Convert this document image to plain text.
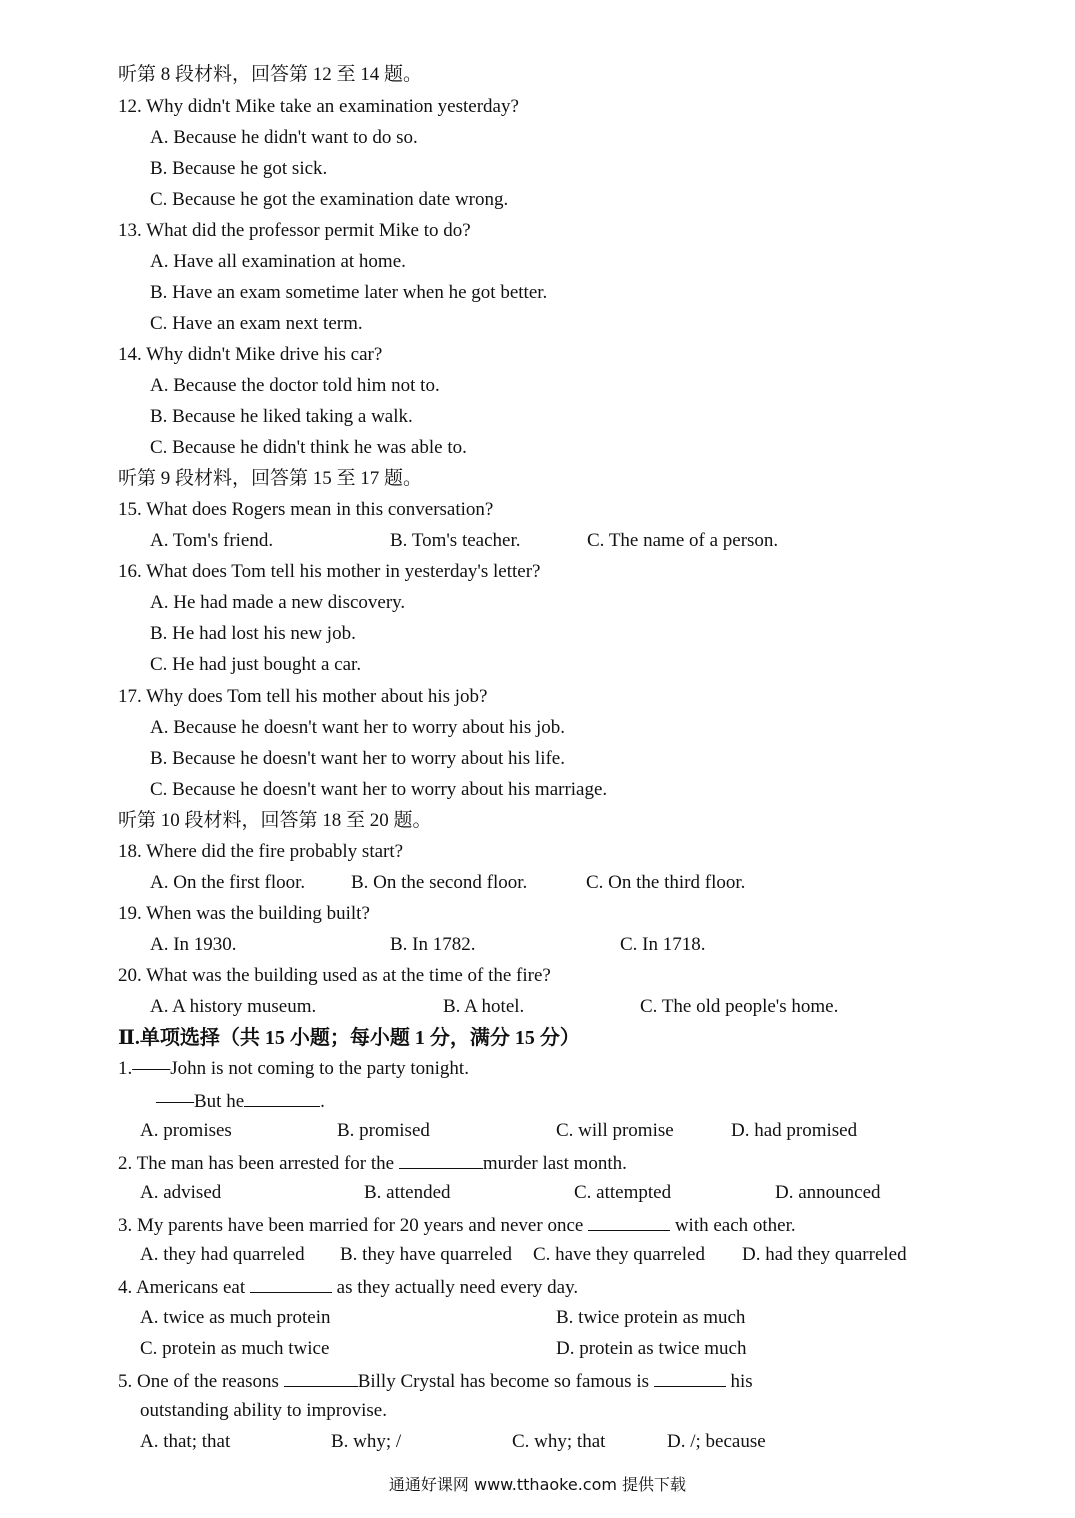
听第 8 段材料，回答第 12 至 14 题。
12. Why didn't Mike take an examination yesterday?
A. Because he didn't want to do so.
B. Because he got sick.
C. Because he got the examination date wrong.
13. What did the professor permit Mike to do?
A. Have all examination at home.
B. Have an exam sometime later when he got better.
C. Have an exam next term.
14. Why didn't Mike drive his car?
A. Because the doctor told him not to.
B. Because he liked taking a walk.
C. Because he didn't think he was able to.
听第 9 段材料，回答第 15 至 17 题。
15. What does Rogers mean in this conversation?
A. Tom's friend.	B. Tom's teacher.	C. The name of a person.
16. What does Tom tell his mother in yesterday's letter?
A. He had made a new discovery.
B. He had lost his new job.
C. He had just bought a car.
17. Why does Tom tell his mother about his job?
A. Because he doesn't want her to worry about his job.
B. Because he doesn't want her to worry about his life.
C. Because he doesn't want her to worry about his marriage.
听第 10 段材料，回答第 18 至 20 题。
18. Where did the fire probably start?
A. On the first floor. B. On the second floor.	C. On the third floor.
19. When was the building built?
A. In 1930.	B. In 1782.	C. In 1718.
20. What was the building used as at the time of the fire?
A. A history museum.	B. A hotel.	C. The old people's home.
Ⅱ.单项选择（共 15 小题；每小题 1 分，满分 15 分）
1.——John is not coming to the party tonight.
——But he	.
A. promises	B. promised	C. will promise	D. had promised
2. The man has been arrested for the	murder last month.
A. advised	B. attended	C. attempted	D. announced
3. My parents have been married for 20 years and never once	with each other.
A. they had quarreled B. they have quarreled C. have they quarreled D. had they quarreled
4. Americans eat	as they actually need every day.
A. twice as much protein	B. twice protein as much
C. protein as much twice	D. protein as twice much
5. One of the reasons	Billy Crystal has become so famous is	his
outstanding ability to improvise.
A. that; that	B. why; /	C. why; that	D. /; because
通通好课网 www.tthaoke.com 提供下载
